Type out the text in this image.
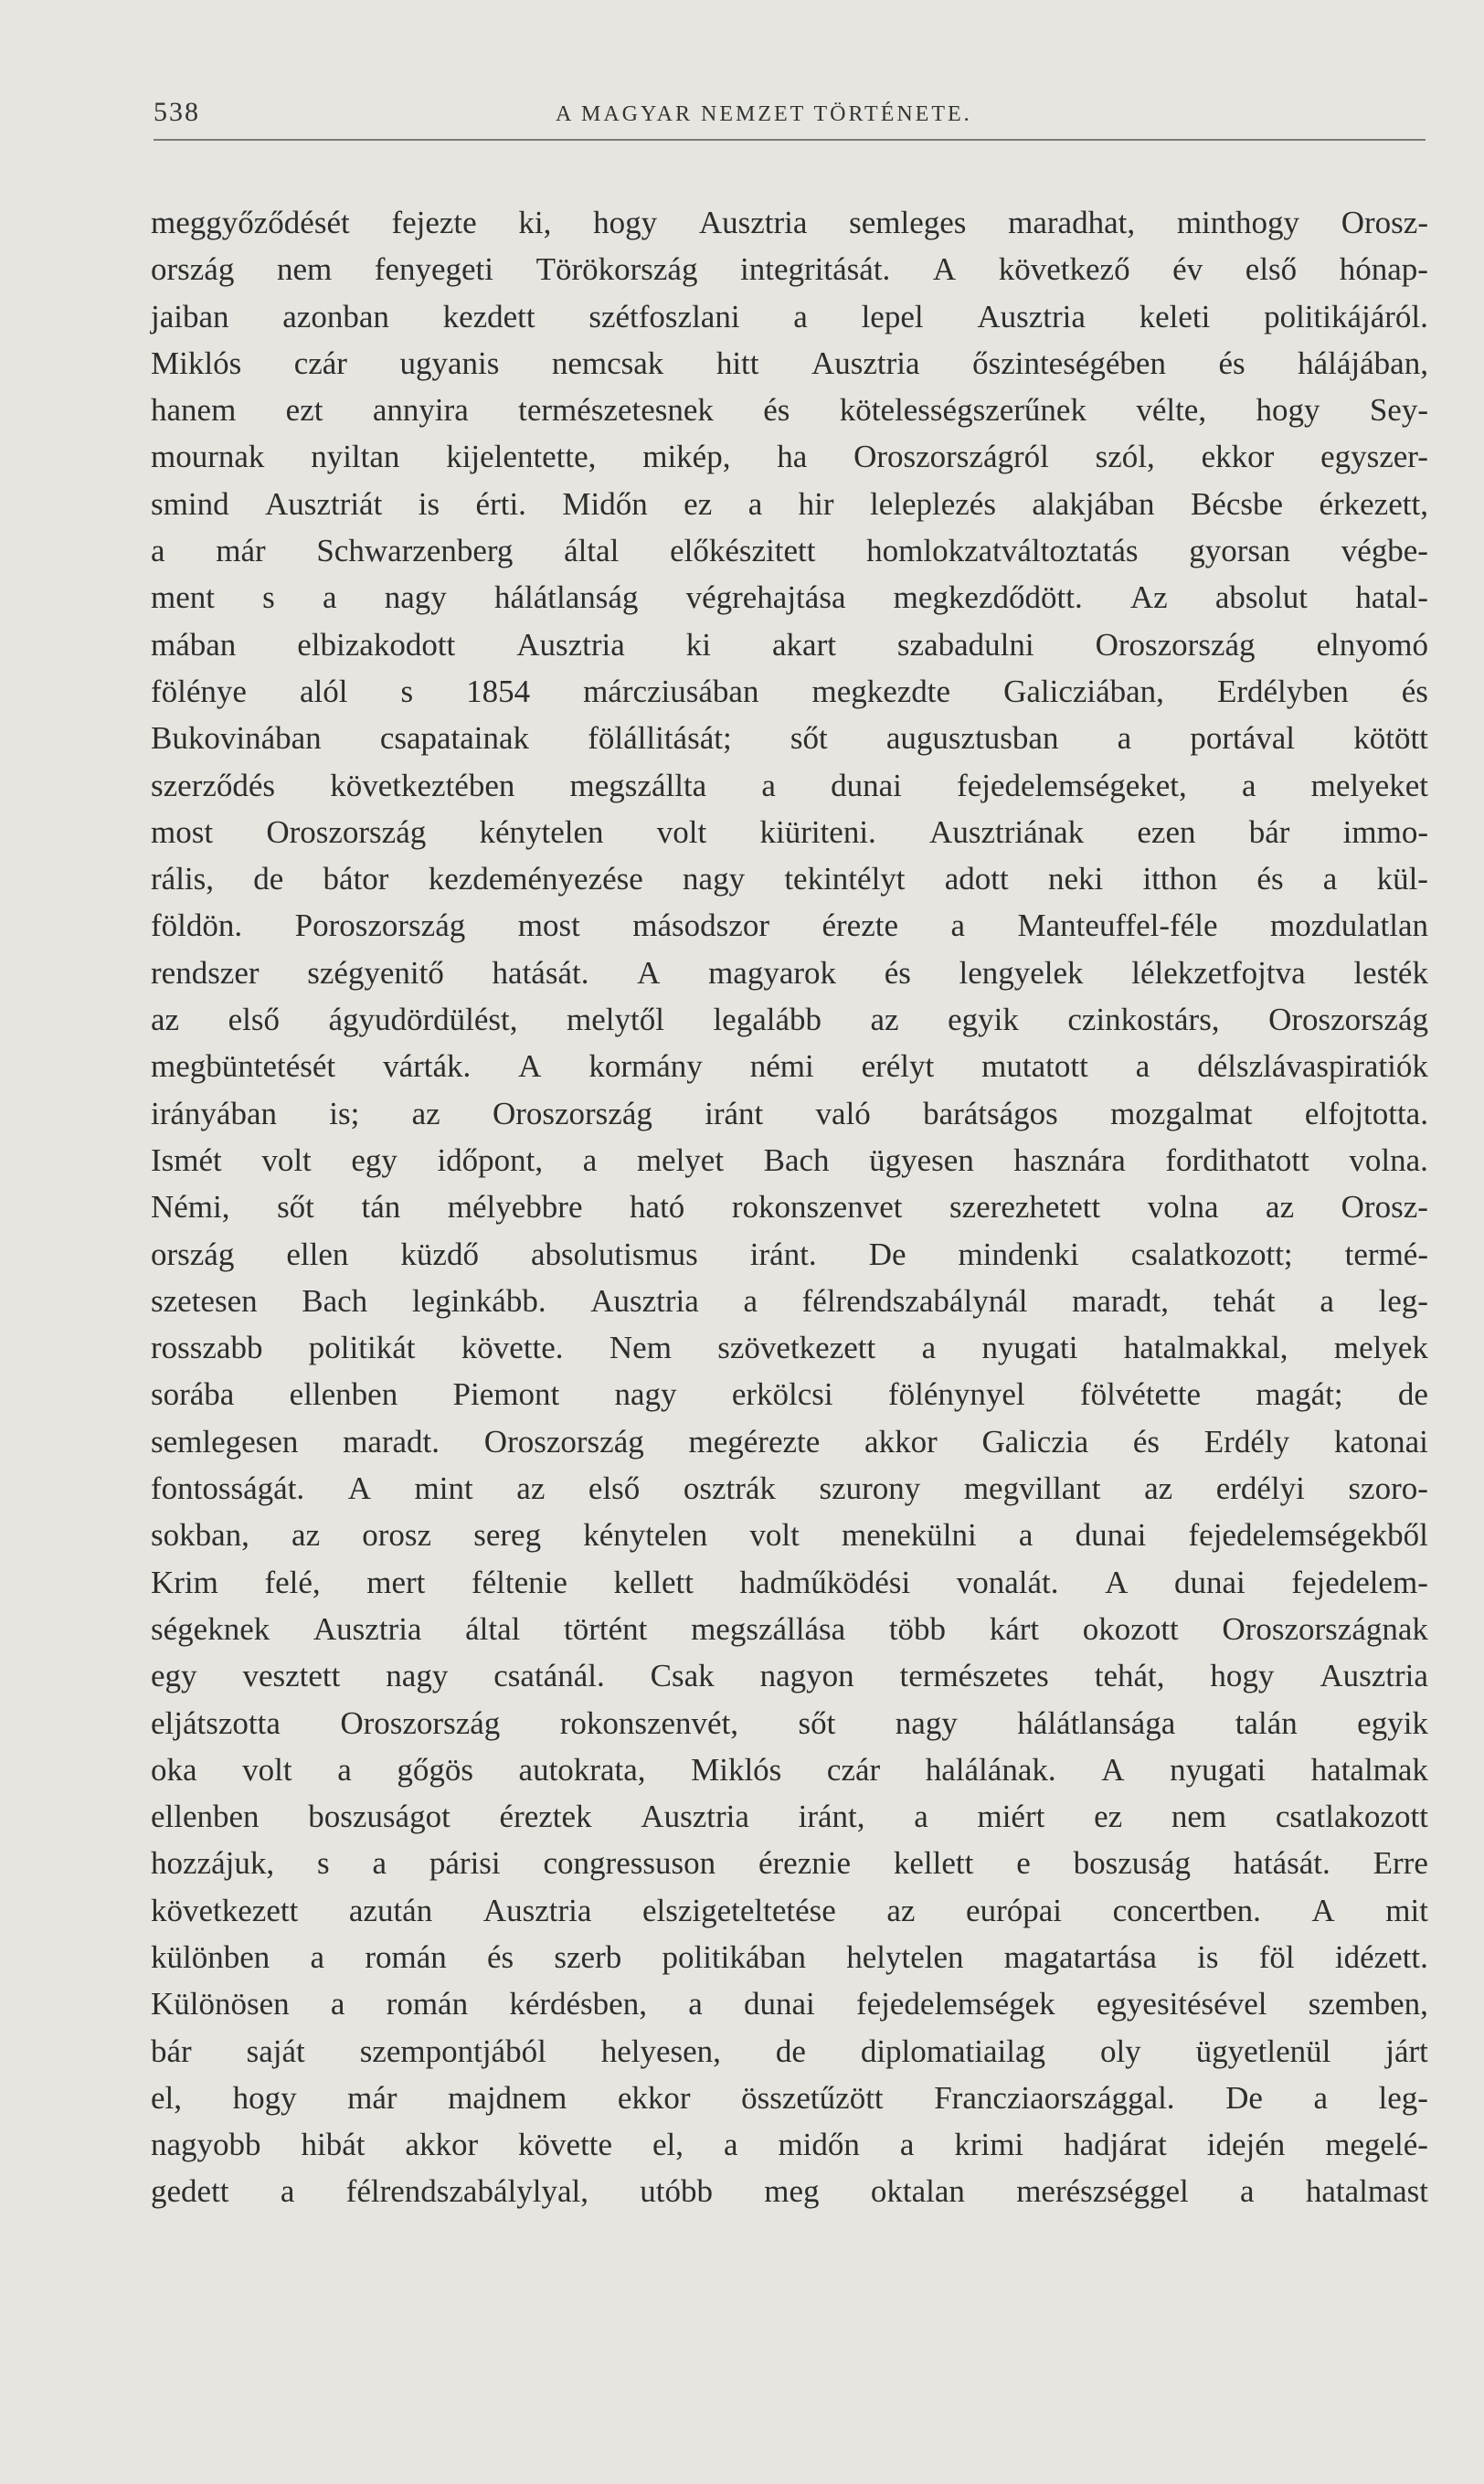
538	A MAGYAR NEMZET TÖRTÉNETE.
meggyőződését fejezte ki, hogy Ausztria semleges maradhat, minthogy Orosz-
ország nem fenyegeti Törökország integritását. A következő év első hónap-
jaiban azonban kezdett szétfoszlani a lepel Ausztria keleti politikájáról.
Miklós czár ugyanis nemcsak hitt Ausztria őszinteségében és hálájában,
hanem ezt annyira természetesnek és kötelességszerűnek vélte, hogy Sey-
mournak nyiltan kijelentette, mikép, ha Oroszországról szól, ekkor egyszer-
smind Ausztriát is érti. Midőn ez a hir leleplezés alakjában Bécsbe érkezett,
a már Schwarzenberg által előkészitett homlokzatváltoztatás gyorsan végbe-
ment s a nagy hálátlanság végrehajtása megkezdődött. Az absolut hatal-
mában elbizakodott Ausztria ki akart szabadulni Oroszország elnyomó
fölénye alól s 1854 márcziusában megkezdte Galicziában, Erdélyben és
Bukovinában csapatainak fölállitását; sőt augusztusban a portával kötött
szerződés következtében megszállta a dunai fejedelemségeket, a melyeket
most Oroszország kénytelen volt kiüriteni. Ausztriának ezen bár immo-
rális, de bátor kezdeményezése nagy tekintélyt adott neki itthon és a kül-
földön. Poroszország most másodszor érezte a Manteuffel-féle mozdulatlan
rendszer szégyenitő hatását. A magyarok és lengyelek lélekzetfojtva lesték
az első ágyudördülést, melytől legalább az egyik czinkostárs, Oroszország
megbüntetését várták. A kormány némi erélyt mutatott a délszlávaspiratiók
irányában is; az Oroszország iránt való barátságos mozgalmat elfojtotta.
Ismét volt egy időpont, a melyet Bach ügyesen hasznára fordithatott volna.
Némi, sőt tán mélyebbre ható rokonszenvet szerezhetett volna az Orosz-
ország ellen küzdő absolutismus iránt. De mindenki csalatkozott; termé-
szetesen Bach leginkább. Ausztria a félrendszabálynál maradt, tehát a leg-
rosszabb politikát követte. Nem szövetkezett a nyugati hatalmakkal, melyek
sorába ellenben Piemont nagy erkölcsi fölénynyel fölvétette magát; de
semlegesen maradt. Oroszország megérezte akkor Galiczia és Erdély katonai
fontosságát. A mint az első osztrák szurony megvillant az erdélyi szoro-
sokban, az orosz sereg kénytelen volt menekülni a dunai fejedelemségekből
Krim felé, mert féltenie kellett hadműködési vonalát. A dunai fejedelem-
ségeknek Ausztria által történt megszállása több kárt okozott Oroszországnak
egy vesztett nagy csatánál. Csak nagyon természetes tehát, hogy Ausztria
eljátszotta Oroszország rokonszenvét, sőt nagy hálátlansága talán egyik
oka volt a gőgös autokrata, Miklós czár halálának. A nyugati hatalmak
ellenben boszuságot éreztek Ausztria iránt, a miért ez nem csatlakozott
hozzájuk, s a párisi congressuson éreznie kellett e boszuság hatását. Erre
következett azután Ausztria elszigeteltetése az európai concertben. A mit
különben a román és szerb politikában helytelen magatartása is föl idézett.
Különösen a román kérdésben, a dunai fejedelemségek egyesitésével szemben,
bár saját szempontjából helyesen, de diplomatiailag oly ügyetlenül járt
el, hogy már majdnem ekkor összetűzött Francziaországgal. De a leg-
nagyobb hibát akkor követte el, a midőn a krimi hadjárat idején megelé-
gedett a félrendszabálylyal, utóbb meg oktalan merészséggel a hatalmast
